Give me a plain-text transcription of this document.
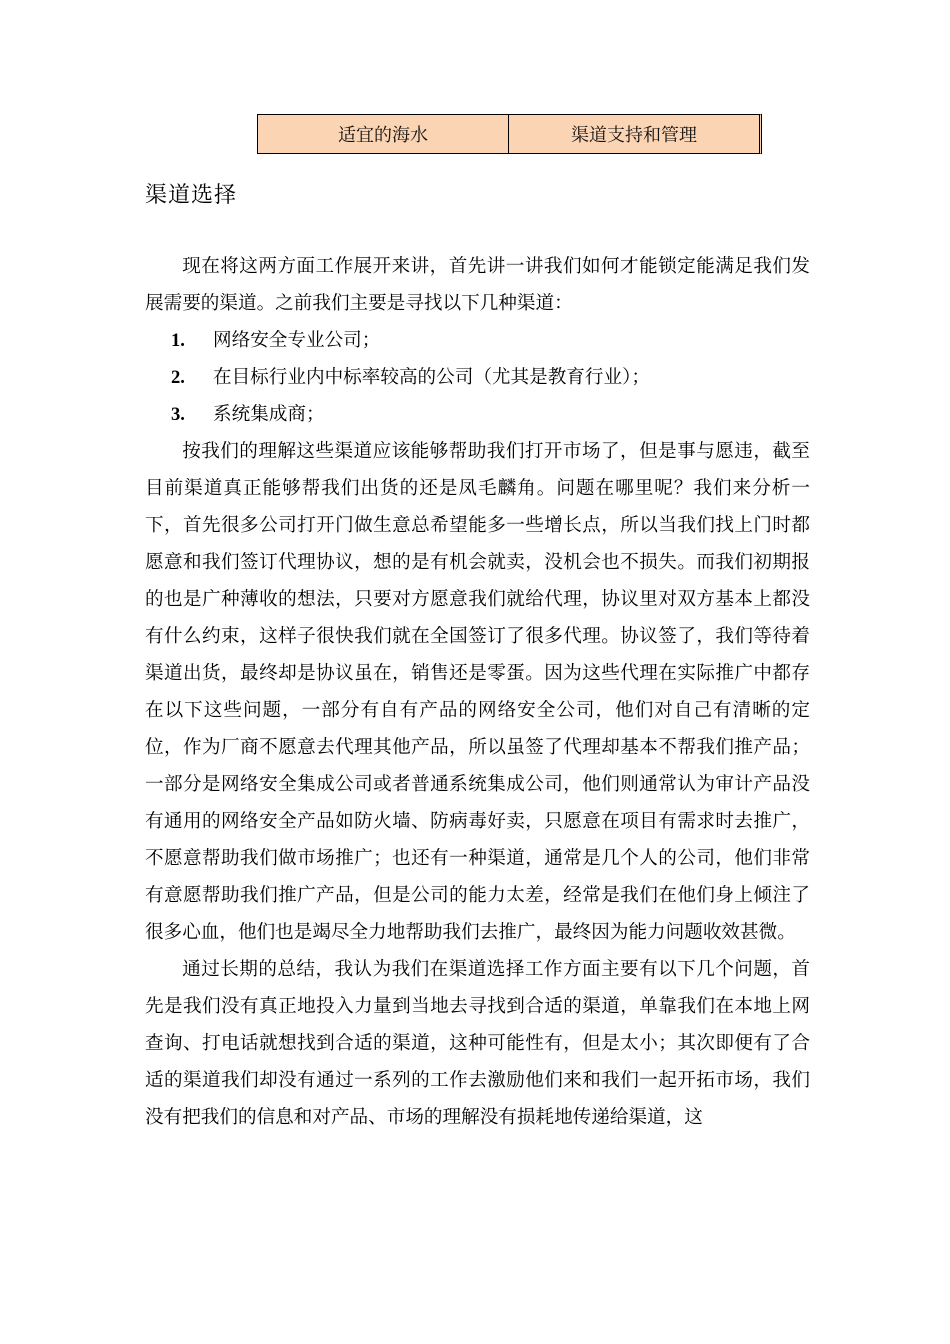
适宜的海水	渠道支持和管理
渠道选择

现在将这两方面工作展开来讲，首先讲一讲我们如何才能锁定能满足我们发展需要的渠道。之前我们主要是寻找以下几种渠道：

1.	网络安全专业公司；
2.	在目标行业内中标率较高的公司（尤其是教育行业）；
3.	系统集成商；

按我们的理解这些渠道应该能够帮助我们打开市场了，但是事与愿违，截至目前渠道真正能够帮我们出货的还是凤毛麟角。问题在哪里呢？我们来分析一下，首先很多公司打开门做生意总希望能多一些增长点，所以当我们找上门时都愿意和我们签订代理协议，想的是有机会就卖，没机会也不损失。而我们初期报的也是广种薄收的想法，只要对方愿意我们就给代理，协议里对双方基本上都没有什么约束，这样子很快我们就在全国签订了很多代理。协议签了，我们等待着渠道出货，最终却是协议虽在，销售还是零蛋。因为这些代理在实际推广中都存在以下这些问题，一部分有自有产品的网络安全公司，他们对自己有清晰的定位，作为厂商不愿意去代理其他产品，所以虽签了代理却基本不帮我们推产品；一部分是网络安全集成公司或者普通系统集成公司，他们则通常认为审计产品没有通用的网络安全产品如防火墙、防病毒好卖，只愿意在项目有需求时去推广，不愿意帮助我们做市场推广；也还有一种渠道，通常是几个人的公司，他们非常有意愿帮助我们推广产品，但是公司的能力太差，经常是我们在他们身上倾注了很多心血，他们也是竭尽全力地帮助我们去推广，最终因为能力问题收效甚微。

通过长期的总结，我认为我们在渠道选择工作方面主要有以下几个问题，首先是我们没有真正地投入力量到当地去寻找到合适的渠道，单靠我们在本地上网查询、打电话就想找到合适的渠道，这种可能性有，但是太小；其次即便有了合适的渠道我们却没有通过一系列的工作去激励他们来和我们一起开拓市场，我们没有把我们的信息和对产品、市场的理解没有损耗地传递给渠道，这
